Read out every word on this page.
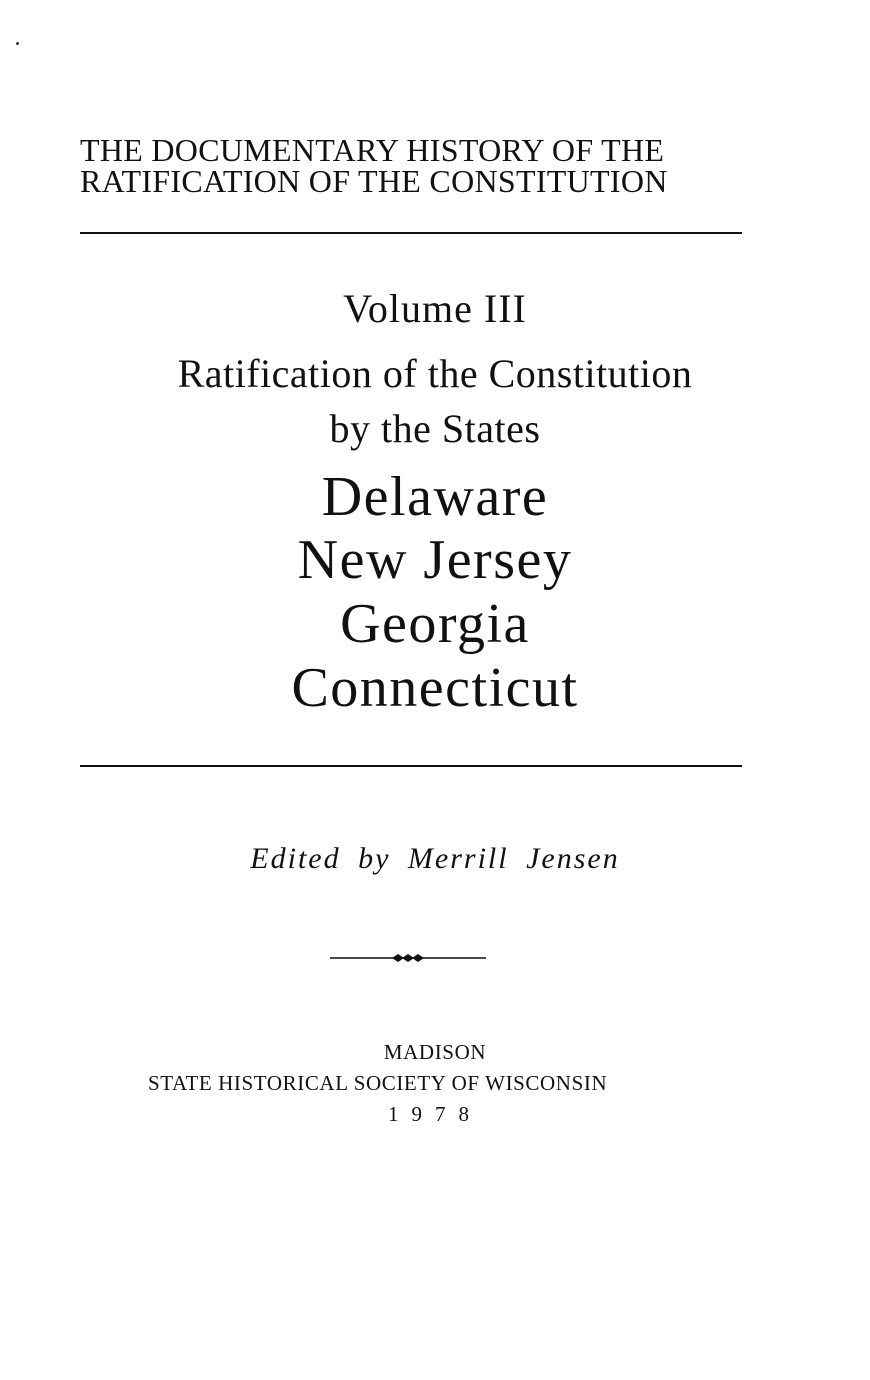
THE DOCUMENTARY HISTORY OF THE
RATIFICATION OF THE CONSTITUTION
Volume III
Ratification of the Constitution
by the States
Delaware
New Jersey
Georgia
Connecticut
Edited by Merrill Jensen
MADISON
STATE HISTORICAL SOCIETY OF WISCONSIN
1978
